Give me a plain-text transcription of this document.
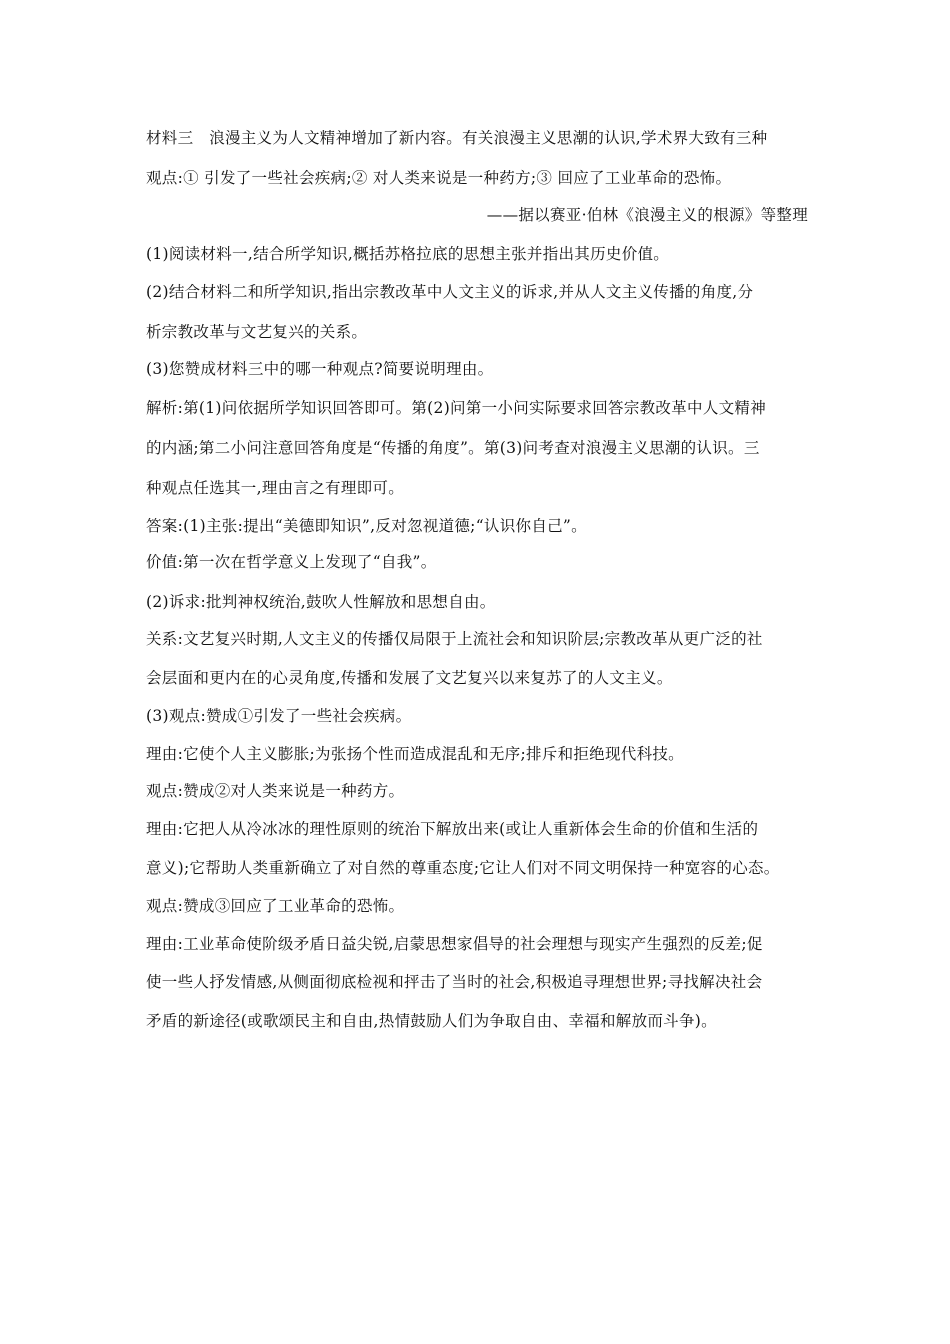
材料三　浪漫主义为人文精神增加了新内容。有关浪漫主义思潮的认识,学术界大致有三种
观点:① 引发了一些社会疾病;② 对人类来说是一种药方;③ 回应了工业革命的恐怖。
——据以赛亚·伯林《浪漫主义的根源》等整理
(1)阅读材料一,结合所学知识,概括苏格拉底的思想主张并指出其历史价值。
(2)结合材料二和所学知识,指出宗教改革中人文主义的诉求,并从人文主义传播的角度,分
析宗教改革与文艺复兴的关系。
(3)您赞成材料三中的哪一种观点?简要说明理由。
解析:第(1)问依据所学知识回答即可。第(2)问第一小问实际要求回答宗教改革中人文精神
的内涵;第二小问注意回答角度是“传播的角度”。第(3)问考查对浪漫主义思潮的认识。三
种观点任选其一,理由言之有理即可。
答案:(1)主张:提出“美德即知识”,反对忽视道德;“认识你自己”。
价值:第一次在哲学意义上发现了“自我”。
(2)诉求:批判神权统治,鼓吹人性解放和思想自由。
关系:文艺复兴时期,人文主义的传播仅局限于上流社会和知识阶层;宗教改革从更广泛的社
会层面和更内在的心灵角度,传播和发展了文艺复兴以来复苏了的人文主义。
(3)观点:赞成①引发了一些社会疾病。
理由:它使个人主义膨胀;为张扬个性而造成混乱和无序;排斥和拒绝现代科技。
观点:赞成②对人类来说是一种药方。
理由:它把人从冷冰冰的理性原则的统治下解放出来(或让人重新体会生命的价值和生活的
意义);它帮助人类重新确立了对自然的尊重态度;它让人们对不同文明保持一种宽容的心态。
观点:赞成③回应了工业革命的恐怖。
理由:工业革命使阶级矛盾日益尖锐,启蒙思想家倡导的社会理想与现实产生强烈的反差;促
使一些人抒发情感,从侧面彻底检视和抨击了当时的社会,积极追寻理想世界;寻找解决社会
矛盾的新途径(或歌颂民主和自由,热情鼓励人们为争取自由、幸福和解放而斗争)。
